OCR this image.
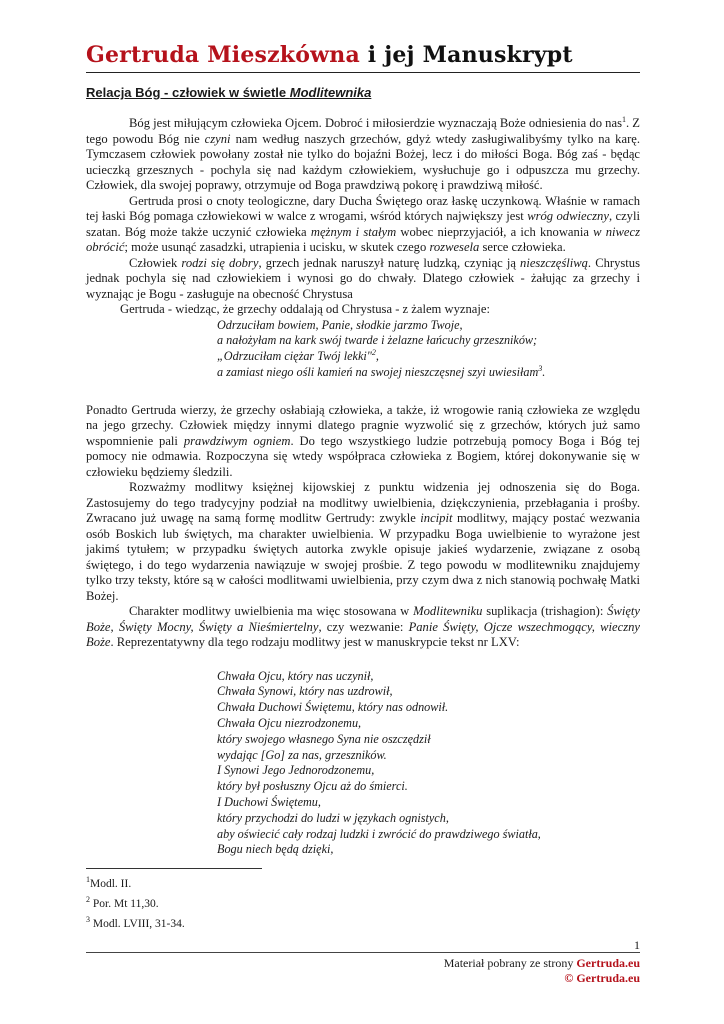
Gertruda Mieszkówna i jej Manuskrypt
Relacja Bóg - człowiek w świetle Modlitewnika

Bóg jest miłującym człowieka Ojcem. Dobroć i miłosierdzie wyznaczają Boże odniesienia do nas$^1$. Z tego powodu Bóg nie czyni nam według naszych grzechów, gdyż wtedy zasługiwalibyśmy tylko na karę. Tymczasem człowiek powołany został nie tylko do bojaźni Bożej, lecz i do miłości Boga. Bóg zaś - będąc ucieczką grzesznych - pochyla się nad każdym człowiekiem, wysłuchuje go i odpuszcza mu grzechy. Człowiek, dla swojej poprawy, otrzymuje od Boga prawdziwą pokorę i prawdziwą miłość.

Gertruda prosi o cnoty teologiczne, dary Ducha Świętego oraz łaskę uczynkową. Właśnie w ramach tej łaski Bóg pomaga człowiekowi w walce z wrogami, wśród których największy jest wróg odwieczny, czyli szatan. Bóg może także uczynić człowieka mężnym i stałym wobec nieprzyjaciół, a ich knowania w niwecz obrócić; może usunąć zasadzki, utrapienia i ucisku, w skutek czego rozwesela serce człowieka.

Człowiek rodzi się dobry, grzech jednak naruszył naturę ludzką, czyniąc ją nieszczęśliwą. Chrystus jednak pochyla się nad człowiekiem i wynosi go do chwały. Dlatego człowiek - żałując za grzechy i wyznając je Bogu - zasługuje na obecność Chrystusa

Gertruda - wiedząc, że grzechy oddalają od Chrystusa - z żalem wyznaje:

Odrzuciłam bowiem, Panie, słodkie jarzmo Twoje,

a nałożyłam na kark swój twarde i żelazne łańcuchy grzeszników;

„Odrzuciłam ciężar Twój lekki"$^2$,

a zamiast niego ośli kamień na swojej nieszczęsnej szyi uwiesiłam$^3$.

Ponadto Gertruda wierzy, że grzechy osłabiają człowieka, a także, iż wrogowie ranią człowieka ze względu na jego grzechy. Człowiek między innymi dlatego pragnie wyzwolić się z grzechów, których już samo wspomnienie pali prawdziwym ogniem. Do tego wszystkiego ludzie potrzebują pomocy Boga i Bóg tej pomocy nie odmawia. Rozpoczyna się wtedy współpraca człowieka z Bogiem, której dokonywanie się w człowieku będziemy śledzili.

Rozważmy modlitwy księżnej kijowskiej z punktu widzenia jej odnoszenia się do Boga. Zastosujemy do tego tradycyjny podział na modlitwy uwielbienia, dziękczynienia, przebłagania i prośby. Zwracano już uwagę na samą formę modlitw Gertrudy: zwykle incipit modlitwy, mający postać wezwania osób Boskich lub świętych, ma charakter uwielbienia. W przypadku Boga uwielbienie to wyrażone jest jakimś tytułem; w przypadku świętych autorka zwykle opisuje jakieś wydarzenie, związane z osobą świętego, i do tego wydarzenia nawiązuje w swojej prośbie. Z tego powodu w modlitewniku znajdujemy tylko trzy teksty, które są w całości modlitwami uwielbienia, przy czym dwa z nich stanowią pochwałę Matki Bożej.

Charakter modlitwy uwielbienia ma więc stosowana w Modlitewniku suplikacja (trishagion): Święty Boże, Święty Mocny, Święty a Nieśmiertelny, czy wezwanie: Panie Święty, Ojcze wszechmogący, wieczny Boże. Reprezentatywny dla tego rodzaju modlitwy jest w manuskrypcie tekst nr LXV:

Chwała Ojcu, który nas uczynił,

Chwała Synowi, który nas uzdrowił,

Chwała Duchowi Świętemu, który nas odnowił.

Chwała Ojcu niezrodzonemu,

który swojego własnego Syna nie oszczędził

wydając [Go] za nas, grzeszników.

I Synowi Jego Jednorodzonemu,

który był posłuszny Ojcu aż do śmierci.

I Duchowi Świętemu,

który przychodzi do ludzi w językach ognistych,

aby oświecić cały rodzaj ludzki i zwrócić do prawdziwego światła,

Bogu niech będą dzięki,

$^1$Modl. II.
$^2$ Por. Mt 11,30.
$^3$ Modl. LVIII, 31-34.
1
Materiał pobrany ze strony Gertruda.eu
© Gertruda.eu
